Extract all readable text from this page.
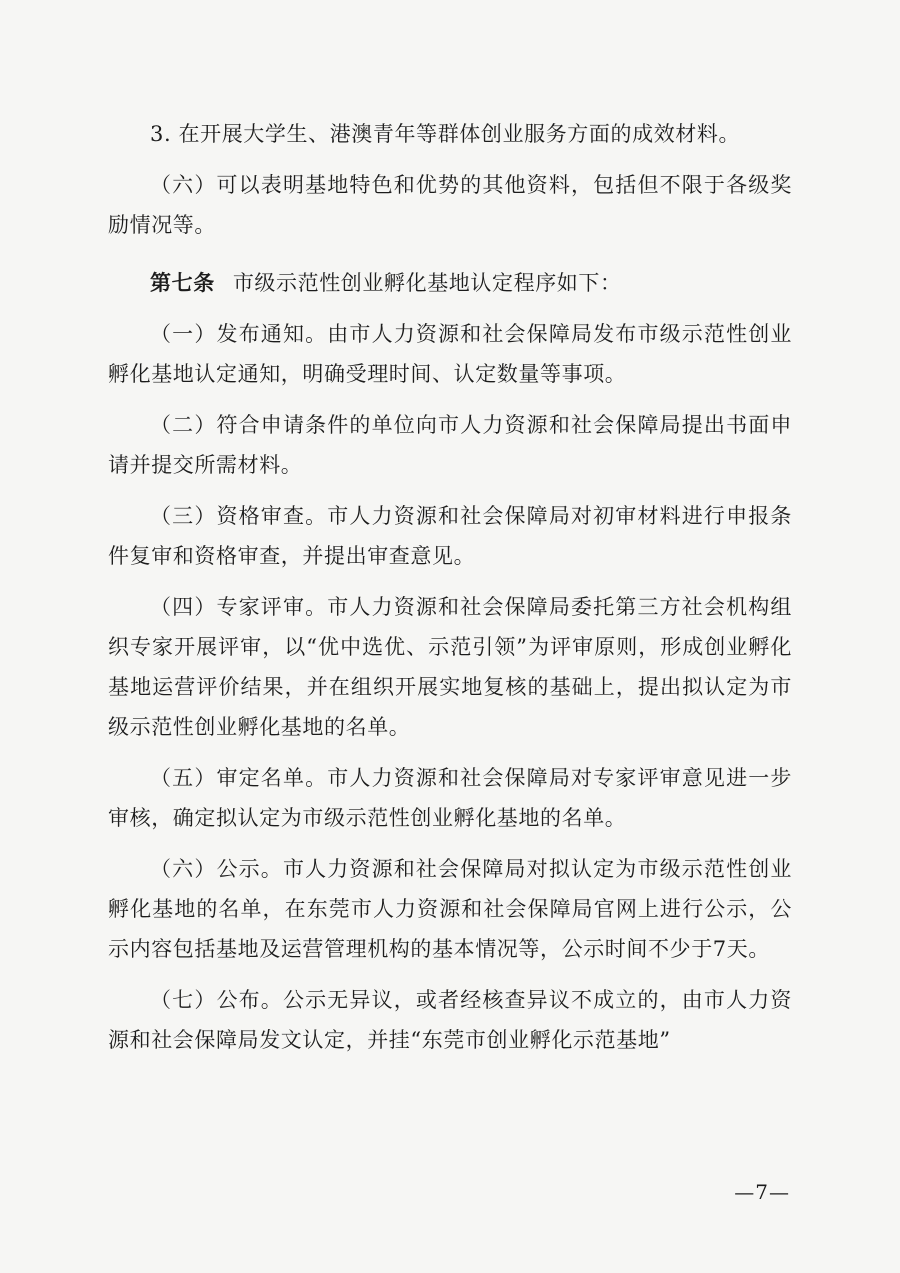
3. 在开展大学生、港澳青年等群体创业服务方面的成效材料。

（六）可以表明基地特色和优势的其他资料，包括但不限于各级奖励情况等。

第七条 市级示范性创业孵化基地认定程序如下：

（一）发布通知。由市人力资源和社会保障局发布市级示范性创业孵化基地认定通知，明确受理时间、认定数量等事项。

（二）符合申请条件的单位向市人力资源和社会保障局提出书面申请并提交所需材料。

（三）资格审查。市人力资源和社会保障局对初审材料进行申报条件复审和资格审查，并提出审查意见。

（四）专家评审。市人力资源和社会保障局委托第三方社会机构组织专家开展评审，以“优中选优、示范引领”为评审原则，形成创业孵化基地运营评价结果，并在组织开展实地复核的基础上，提出拟认定为市级示范性创业孵化基地的名单。

（五）审定名单。市人力资源和社会保障局对专家评审意见进一步审核，确定拟认定为市级示范性创业孵化基地的名单。

（六）公示。市人力资源和社会保障局对拟认定为市级示范性创业孵化基地的名单，在东莞市人力资源和社会保障局官网上进行公示，公示内容包括基地及运营管理机构的基本情况等，公示时间不少于7天。

（七）公布。公示无异议，或者经核查异议不成立的，由市人力资源和社会保障局发文认定，并挂“东莞市创业孵化示范基地”

—7—
